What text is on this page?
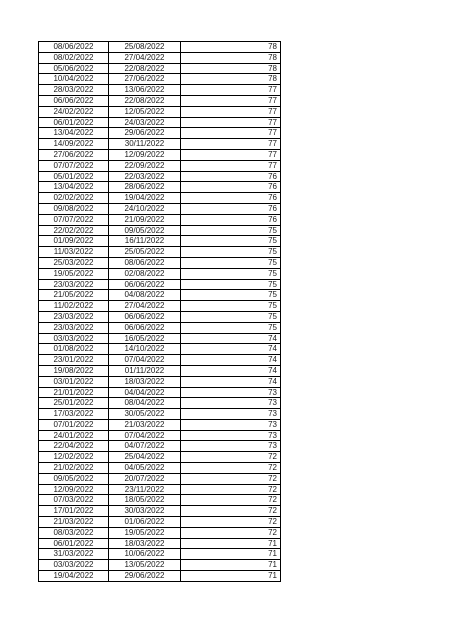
08/06/2022	25/08/2022	78
08/02/2022	27/04/2022	78
05/06/2022	22/08/2022	78
10/04/2022	27/06/2022	78
28/03/2022	13/06/2022	77
06/06/2022	22/08/2022	77
24/02/2022	12/05/2022	77
06/01/2022	24/03/2022	77
13/04/2022	29/06/2022	77
14/09/2022	30/11/2022	77
27/06/2022	12/09/2022	77
07/07/2022	22/09/2022	77
05/01/2022	22/03/2022	76
13/04/2022	28/06/2022	76
02/02/2022	19/04/2022	76
09/08/2022	24/10/2022	76
07/07/2022	21/09/2022	76
22/02/2022	09/05/2022	75
01/09/2022	16/11/2022	75
11/03/2022	25/05/2022	75
25/03/2022	08/06/2022	75
19/05/2022	02/08/2022	75
23/03/2022	06/06/2022	75
21/05/2022	04/08/2022	75
11/02/2022	27/04/2022	75
23/03/2022	06/06/2022	75
23/03/2022	06/06/2022	75
03/03/2022	16/05/2022	74
01/08/2022	14/10/2022	74
23/01/2022	07/04/2022	74
19/08/2022	01/11/2022	74
03/01/2022	18/03/2022	74
21/01/2022	04/04/2022	73
25/01/2022	08/04/2022	73
17/03/2022	30/05/2022	73
07/01/2022	21/03/2022	73
24/01/2022	07/04/2022	73
22/04/2022	04/07/2022	73
12/02/2022	25/04/2022	72
21/02/2022	04/05/2022	72
09/05/2022	20/07/2022	72
12/09/2022	23/11/2022	72
07/03/2022	18/05/2022	72
17/01/2022	30/03/2022	72
21/03/2022	01/06/2022	72
08/03/2022	19/05/2022	72
06/01/2022	18/03/2022	71
31/03/2022	10/06/2022	71
03/03/2022	13/05/2022	71
19/04/2022	29/06/2022	71
